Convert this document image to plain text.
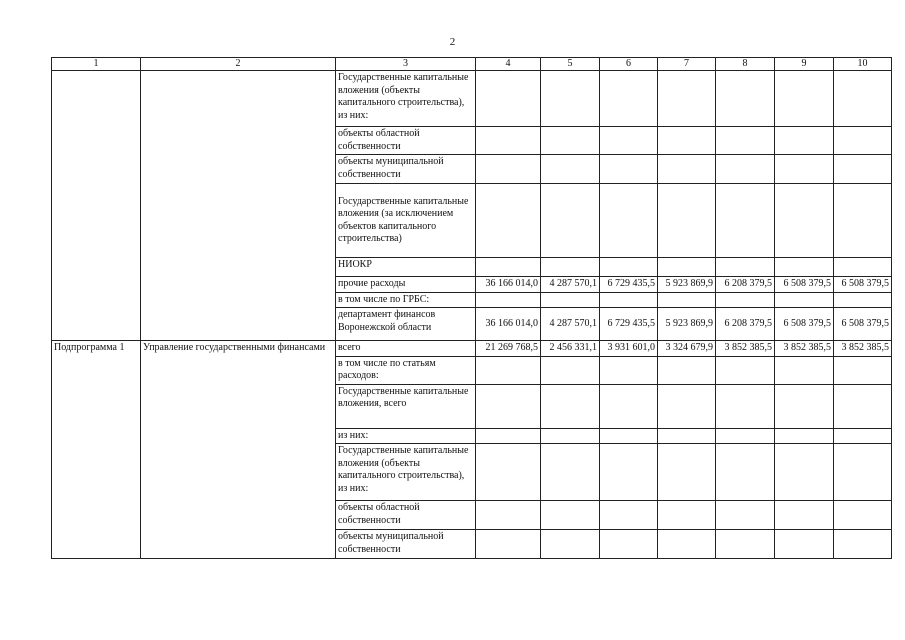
2
1	2	3	4	5	6	7	8	9	10
		Государственные капитальные вложения (объекты капитального строительства), из них:							
		объекты областной собственности							
		объекты муниципальной собственности							
		Государственные капитальные вложения (за исключением объектов капитального строительства)							
		НИОКР							
		прочие расходы	36 166 014,0	4 287 570,1	6 729 435,5	5 923 869,9	6 208 379,5	6 508 379,5	6 508 379,5
		в том числе по ГРБС:							
		департамент финансов Воронежской области	36 166 014,0	4 287 570,1	6 729 435,5	5 923 869,9	6 208 379,5	6 508 379,5	6 508 379,5
Подпрограмма 1	Управление государственными финансами	всего	21 269 768,5	2 456 331,1	3 931 601,0	3 324 679,9	3 852 385,5	3 852 385,5	3 852 385,5
		в том числе по статьям расходов:							
		Государственные капитальные вложения, всего							
		из них:							
		Государственные капитальные вложения (объекты капитального строительства), из них:							
		объекты областной собственности							
		объекты муниципальной собственности							
